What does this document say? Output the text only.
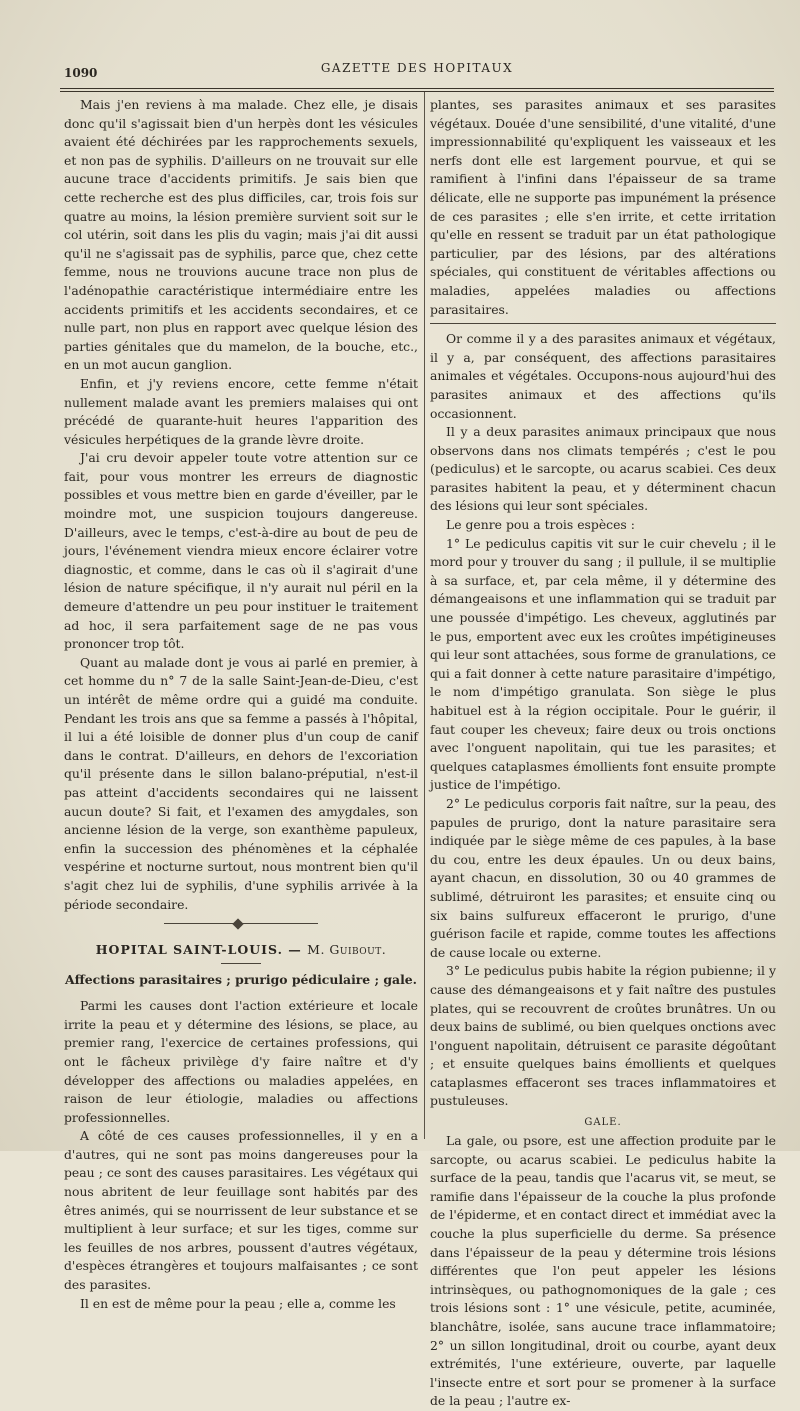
1090	GAZETTE DES HOPITAUX

Mais j'en reviens à ma malade. Chez elle, je disais donc qu'il s'agissait bien d'un herpès dont les vésicules avaient été déchirées par les rapprochements sexuels, et non pas de syphilis. D'ailleurs on ne trouvait sur elle aucune trace d'accidents primitifs. Je sais bien que cette recherche est des plus difficiles, car, trois fois sur quatre au moins, la lésion première survient soit sur le col utérin, soit dans les plis du vagin; mais j'ai dit aussi qu'il ne s'agissait pas de syphilis, parce que, chez cette femme, nous ne trouvions aucune trace non plus de l'adénopathie caractéristique intermédiaire entre les accidents primitifs et les accidents secondaires, et ce nulle part, non plus en rapport avec quelque lésion des parties génitales que du mamelon, de la bouche, etc., en un mot aucun ganglion.

Enfin, et j'y reviens encore, cette femme n'était nullement malade avant les premiers malaises qui ont précédé de quarante-huit heures l'apparition des vésicules herpétiques de la grande lèvre droite.

J'ai cru devoir appeler toute votre attention sur ce fait, pour vous montrer les erreurs de diagnostic possibles et vous mettre bien en garde d'éveiller, par le moindre mot, une suspicion toujours dangereuse. D'ailleurs, avec le temps, c'est-à-dire au bout de peu de jours, l'événement viendra mieux encore éclairer votre diagnostic, et comme, dans le cas où il s'agirait d'une lésion de nature spécifique, il n'y aurait nul péril en la demeure d'attendre un peu pour instituer le traitement ad hoc, il sera parfaitement sage de ne pas vous prononcer trop tôt.

Quant au malade dont je vous ai parlé en premier, à cet homme du n° 7 de la salle Saint-Jean-de-Dieu, c'est un intérêt de même ordre qui a guidé ma conduite. Pendant les trois ans que sa femme a passés à l'hôpital, il lui a été loisible de donner plus d'un coup de canif dans le contrat. D'ailleurs, en dehors de l'excoriation qu'il présente dans le sillon balano-préputial, n'est-il pas atteint d'accidents secondaires qui ne laissent aucun doute? Si fait, et l'examen des amygdales, son ancienne lésion de la verge, son exanthème papuleux, enfin la succession des phénomènes et la céphalée vespérine et nocturne surtout, nous montrent bien qu'il s'agit chez lui de syphilis, d'une syphilis arrivée à la période secondaire.

HOPITAL SAINT-LOUIS. — M. Guibout.
Affections parasitaires ; prurigo pédiculaire ; gale.

Parmi les causes dont l'action extérieure et locale irrite la peau et y détermine des lésions, se place, au premier rang, l'exercice de certaines professions, qui ont le fâcheux privilège d'y faire naître et d'y développer des affections ou maladies appelées, en raison de leur étiologie, maladies ou affections professionnelles.

A côté de ces causes professionnelles, il y en a d'autres, qui ne sont pas moins dangereuses pour la peau ; ce sont des causes parasitaires. Les végétaux qui nous abritent de leur feuillage sont habités par des êtres animés, qui se nourrissent de leur substance et se multiplient à leur surface; et sur les tiges, comme sur les feuilles de nos arbres, poussent d'autres végétaux, d'espèces étrangères et toujours malfaisantes ; ce sont des parasites.

Il en est de même pour la peau ; elle a, comme les

plantes, ses parasites animaux et ses parasites végétaux. Douée d'une sensibilité, d'une vitalité, d'une impressionnabilité qu'expliquent les vaisseaux et les nerfs dont elle est largement pourvue, et qui se ramifient à l'infini dans l'épaisseur de sa trame délicate, elle ne supporte pas impunément la présence de ces parasites ; elle s'en irrite, et cette irritation qu'elle en ressent se traduit par un état pathologique particulier, par des lésions, par des altérations spéciales, qui constituent de véritables affections ou maladies, appelées maladies ou affections parasitaires.

Or comme il y a des parasites animaux et végétaux, il y a, par conséquent, des affections parasitaires animales et végétales. Occupons-nous aujourd'hui des parasites animaux et des affections qu'ils occasionnent.

Il y a deux parasites animaux principaux que nous observons dans nos climats tempérés ; c'est le pou (pediculus) et le sarcopte, ou acarus scabiei. Ces deux parasites habitent la peau, et y déterminent chacun des lésions qui leur sont spéciales.

Le genre pou a trois espèces :

1° Le pediculus capitis vit sur le cuir chevelu ; il le mord pour y trouver du sang ; il pullule, il se multiplie à sa surface, et, par cela même, il y détermine des démangeaisons et une inflammation qui se traduit par une poussée d'impétigo. Les cheveux, agglutinés par le pus, emportent avec eux les croûtes impétigineuses qui leur sont attachées, sous forme de granulations, ce qui a fait donner à cette nature parasitaire d'impétigo, le nom d'impétigo granulata. Son siège le plus habituel est à la région occipitale. Pour le guérir, il faut couper les cheveux; faire deux ou trois onctions avec l'onguent napolitain, qui tue les parasites; et quelques cataplasmes émollients font ensuite prompte justice de l'impétigo.

2° Le pediculus corporis fait naître, sur la peau, des papules de prurigo, dont la nature parasitaire sera indiquée par le siège même de ces papules, à la base du cou, entre les deux épaules. Un ou deux bains, ayant chacun, en dissolution, 30 ou 40 grammes de sublimé, détruiront les parasites; et ensuite cinq ou six bains sulfureux effaceront le prurigo, d'une guérison facile et rapide, comme toutes les affections de cause locale ou externe.

3° Le pediculus pubis habite la région pubienne; il y cause des démangeaisons et y fait naître des pustules plates, qui se recouvrent de croûtes brunâtres. Un ou deux bains de sublimé, ou bien quelques onctions avec l'onguent napolitain, détruisent ce parasite dégoûtant ; et ensuite quelques bains émollients et quelques cataplasmes effaceront ses traces inflammatoires et pustuleuses.

GALE.

La gale, ou psore, est une affection produite par le sarcopte, ou acarus scabiei. Le pediculus habite la surface de la peau, tandis que l'acarus vit, se meut, se ramifie dans l'épaisseur de la couche la plus profonde de l'épiderme, et en contact direct et immédiat avec la couche la plus superficielle du derme. Sa présence dans l'épaisseur de la peau y détermine trois lésions différentes que l'on peut appeler les lésions intrinsèques, ou pathognomoniques de la gale ; ces trois lésions sont : 1° une vésicule, petite, acuminée, blanchâtre, isolée, sans aucune trace inflammatoire; 2° un sillon longitudinal, droit ou courbe, ayant deux extrémités, l'une extérieure, ouverte, par laquelle l'insecte entre et sort pour se promener à la surface de la peau ; l'autre ex-
